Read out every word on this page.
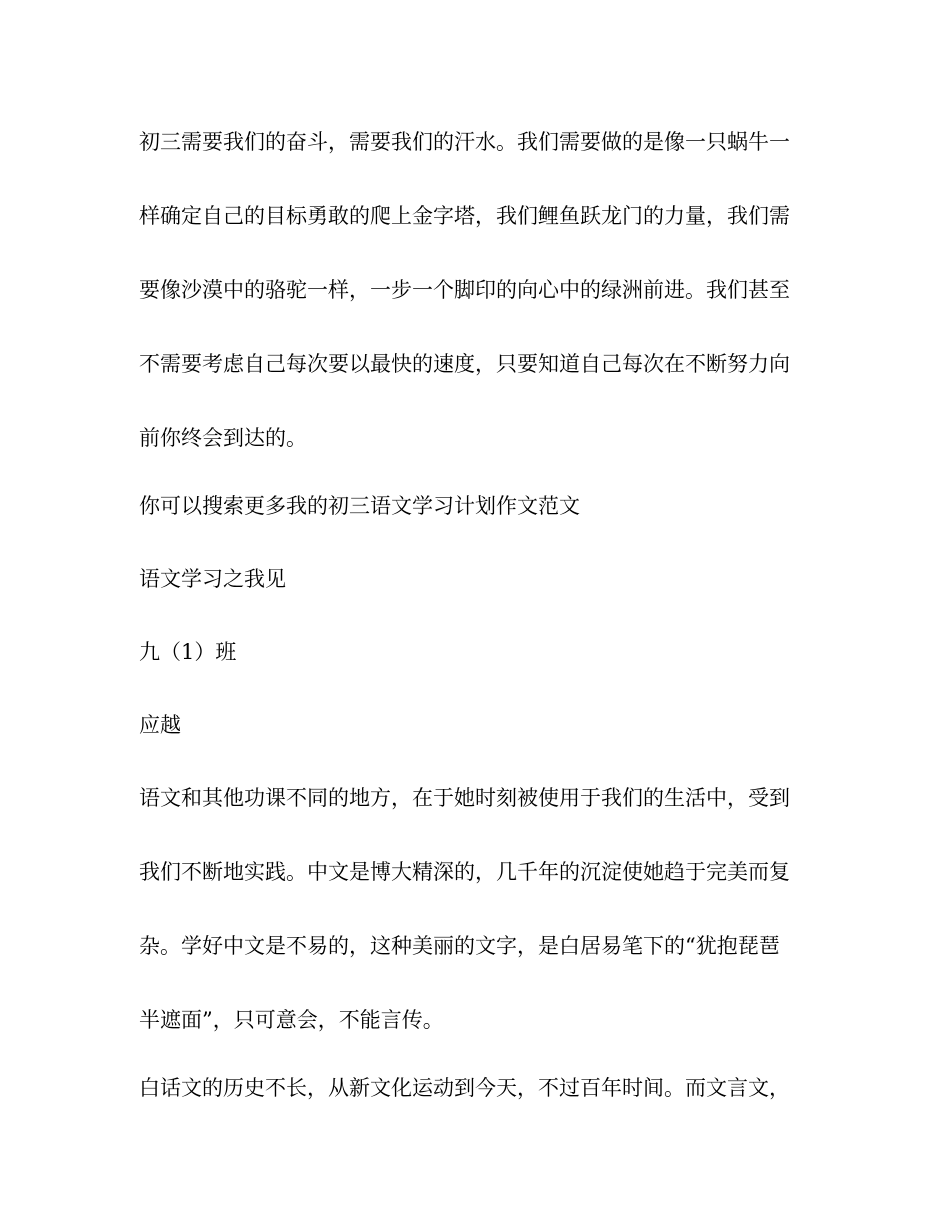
初三需要我们的奋斗，需要我们的汗水。我们需要做的是像一只蜗牛一
样确定自己的目标勇敢的爬上金字塔，我们鲤鱼跃龙门的力量，我们需
要像沙漠中的骆驼一样，一步一个脚印的向心中的绿洲前进。我们甚至
不需要考虑自己每次要以最快的速度，只要知道自己每次在不断努力向
前你终会到达的。
你可以搜索更多我的初三语文学习计划作文范文
语文学习之我见
九（1）班
应越
语文和其他功课不同的地方，在于她时刻被使用于我们的生活中，受到
我们不断地实践。中文是博大精深的，几千年的沉淀使她趋于完美而复
杂。学好中文是不易的，这种美丽的文字，是白居易笔下的“犹抱琵琶
半遮面”，只可意会，不能言传。
白话文的历史不长，从新文化运动到今天，不过百年时间。而文言文，
